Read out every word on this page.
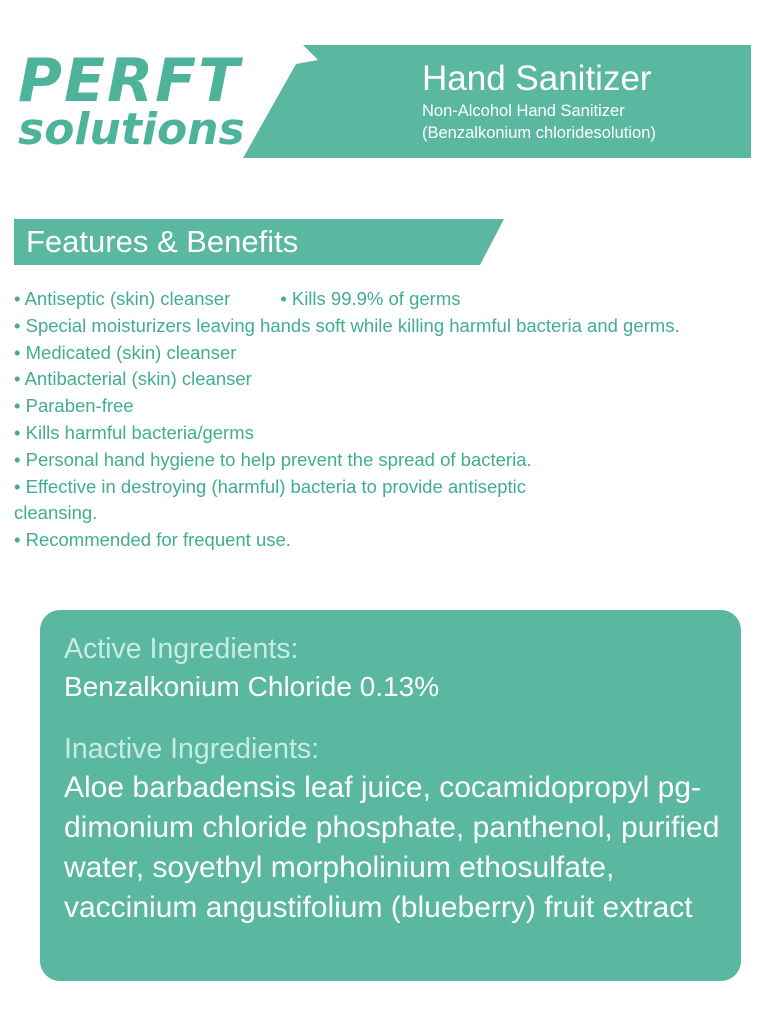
PERFT
solutions
Hand Sanitizer
Non-Alcohol Hand Sanitizer
(Benzalkonium chloridesolution)
Features & Benefits
• Antiseptic (skin) cleanser	• Kills 99.9% of germs
• Special moisturizers leaving hands soft while killing harmful bacteria and germs.
• Medicated (skin) cleanser
• Antibacterial (skin) cleanser
• Paraben-free
• Kills harmful bacteria/germs
• Personal hand hygiene to help prevent the spread of bacteria.
• Effective in destroying (harmful) bacteria to provide antiseptic cleansing.
• Recommended for frequent use.
Active Ingredients:
Benzalkonium Chloride 0.13%
Inactive Ingredients:
Aloe barbadensis leaf juice, cocamidopropyl pg-dimonium chloride phosphate, panthenol, purified water, soyethyl morpholinium ethosulfate, vaccinium angustifolium (blueberry) fruit extract
